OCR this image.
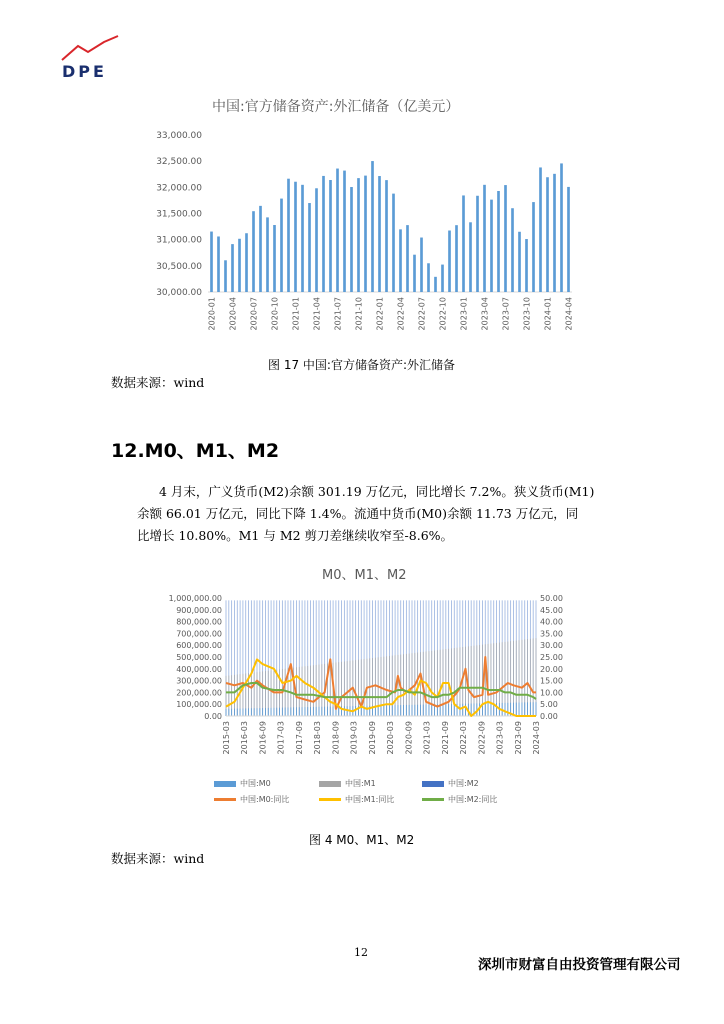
DPE
中国:官方储备资产:外汇储备（亿美元）
33,000.00
32,500.00
32,000.00
31,500.00
31,000.00
30,500.00
30,000.00
2020-01 2020-04 2020-07 2020-10 2021-01 2021-04 2021-07 2021-10 2022-01 2022-04 2022-07 2022-10 2023-01 2023-04 2023-07 2023-10 2024-01 2024-04
图 17 中国:官方储备资产:外汇储备
数据来源：wind
12.M0、M1、M2

4 月末，广义货币(M2)余额 301.19 万亿元，同比增长 7.2%。狭义货币(M1)

余额 66.01 万亿元，同比下降 1.4%。流通中货币(M0)余额 11.73 万亿元，同

比增长 10.80%。M1 与 M2 剪刀差继续收窄至-8.6%。

M0、M1、M2
1,000,000.00
900,000.00
800,000.00
700,000.00
600,000.00
500,000.00
400,000.00
300,000.00
200,000.00
100,000.00
0.00
50.00
45.00
40.00
35.00
30.00
25.00
20.00
15.00
10.00
5.00
0.00
2015-03 2016-03 2016-09 2017-03 2017-09 2018-03 2018-09 2019-03 2019-09 2020-03 2020-09 2021-03 2021-09 2022-03 2022-09 2023-03 2023-09 2024-03
中国:M0	中国:M1	中国:M2
中国:M0:同比	中国:M1:同比	中国:M2:同比
图 4 M0、M1、M2
数据来源：wind
12
深圳市财富自由投资管理有限公司
